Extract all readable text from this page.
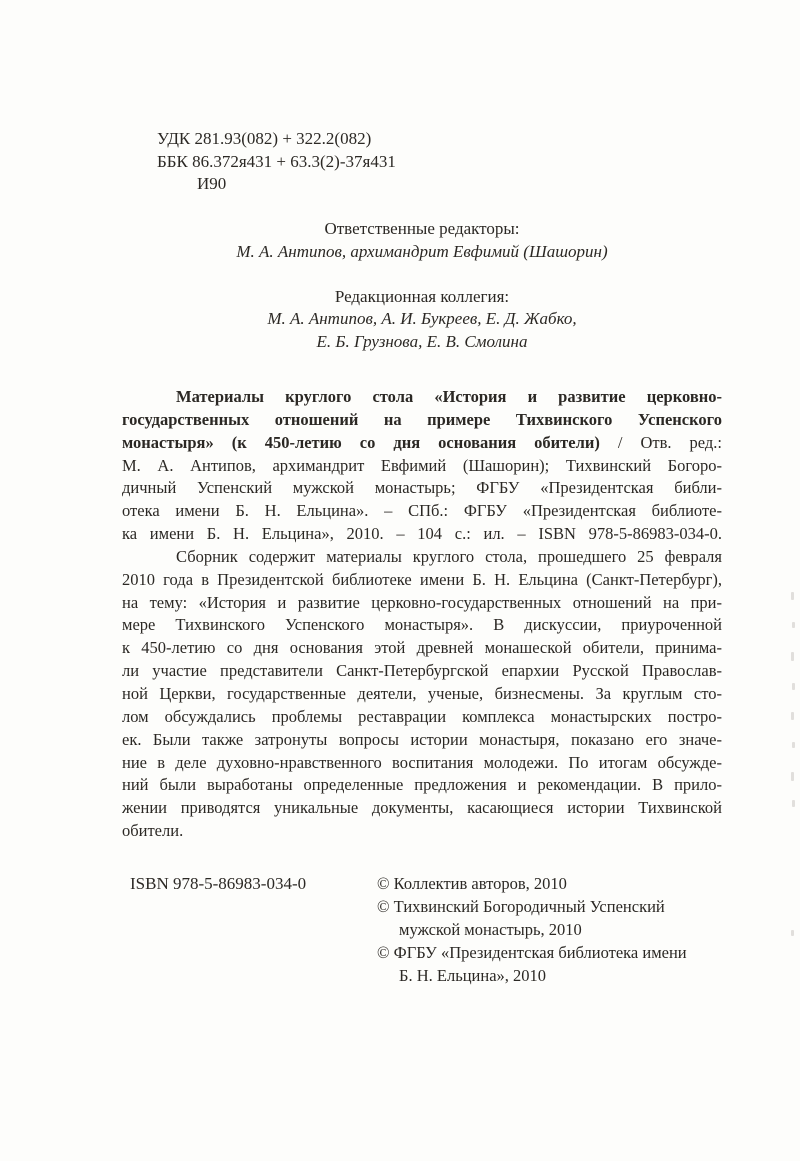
УДК 281.93(082) + 322.2(082)
ББК 86.372я431 + 63.3(2)-37я431
И90
Ответственные редакторы:
М. А. Антипов, архимандрит Евфимий (Шашорин)
Редакционная коллегия:
М. А. Антипов, А. И. Букреев, Е. Д. Жабко,
Е. Б. Грузнова, Е. В. Смолина
Материалы круглого стола «История и развитие церковно-
государственных отношений на примере Тихвинского Успенского
монастыря» (к 450-летию со дня основания обители) / Отв. ред.:
М. А. Антипов, архимандрит Евфимий (Шашорин); Тихвинский Богоро-
дичный Успенский мужской монастырь; ФГБУ «Президентская библи-
отека имени Б. Н. Ельцина». – СПб.: ФГБУ «Президентская библиоте-
ка имени Б. Н. Ельцина», 2010. – 104 с.: ил. – ISBN 978-5-86983-034-0.
Сборник содержит материалы круглого стола, прошедшего 25 февраля
2010 года в Президентской библиотеке имени Б. Н. Ельцина (Санкт-Петербург),
на тему: «История и развитие церковно-государственных отношений на при-
мере Тихвинского Успенского монастыря». В дискуссии, приуроченной
к 450-летию со дня основания этой древней монашеской обители, принима-
ли участие представители Санкт-Петербургской епархии Русской Православ-
ной Церкви, государственные деятели, ученые, бизнесмены. За круглым сто-
лом обсуждались проблемы реставрации комплекса монастырских постро-
ек. Были также затронуты вопросы истории монастыря, показано его значе-
ние в деле духовно-нравственного воспитания молодежи. По итогам обсужде-
ний были выработаны определенные предложения и рекомендации. В прило-
жении приводятся уникальные документы, касающиеся истории Тихвинской
обители.
ISBN 978-5-86983-034-0	© Коллектив авторов, 2010
© Тихвинский Богородичный Успенский
мужской монастырь, 2010
© ФГБУ «Президентская библиотека имени
Б. Н. Ельцина», 2010
